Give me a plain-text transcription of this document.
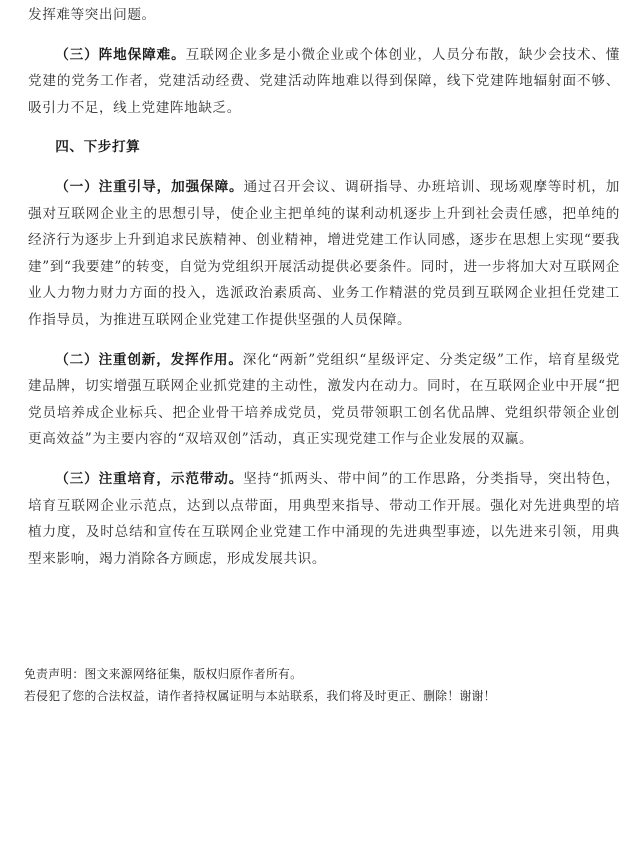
发挥难等突出问题。

（三）阵地保障难。互联网企业多是小微企业或个体创业，人员分布散，缺少会技术、懂党建的党务工作者，党建活动经费、党建活动阵地难以得到保障，线下党建阵地辐射面不够、吸引力不足，线上党建阵地缺乏。

四、下步打算

（一）注重引导，加强保障。通过召开会议、调研指导、办班培训、现场观摩等时机，加强对互联网企业主的思想引导，使企业主把单纯的谋利动机逐步上升到社会责任感，把单纯的经济行为逐步上升到追求民族精神、创业精神，增进党建工作认同感，逐步在思想上实现“要我建”到“我要建”的转变，自觉为党组织开展活动提供必要条件。同时，进一步将加大对互联网企业人力物力财力方面的投入，选派政治素质高、业务工作精湛的党员到互联网企业担任党建工作指导员，为推进互联网企业党建工作提供坚强的人员保障。

（二）注重创新，发挥作用。深化“两新”党组织“星级评定、分类定级”工作，培育星级党建品牌，切实增强互联网企业抓党建的主动性，激发内在动力。同时，在互联网企业中开展“把党员培养成企业标兵、把企业骨干培养成党员，党员带领职工创名优品牌、党组织带领企业创更高效益”为主要内容的“双培双创”活动，真正实现党建工作与企业发展的双赢。

（三）注重培育，示范带动。坚持“抓两头、带中间”的工作思路，分类指导，突出特色，培育互联网企业示范点，达到以点带面，用典型来指导、带动工作开展。强化对先进典型的培植力度，及时总结和宣传在互联网企业党建工作中涌现的先进典型事迹，以先进来引领，用典型来影响，竭力消除各方顾虑，形成发展共识。

免责声明：图文来源网络征集，版权归原作者所有。

若侵犯了您的合法权益，请作者持权属证明与本站联系，我们将及时更正、删除！谢谢！
